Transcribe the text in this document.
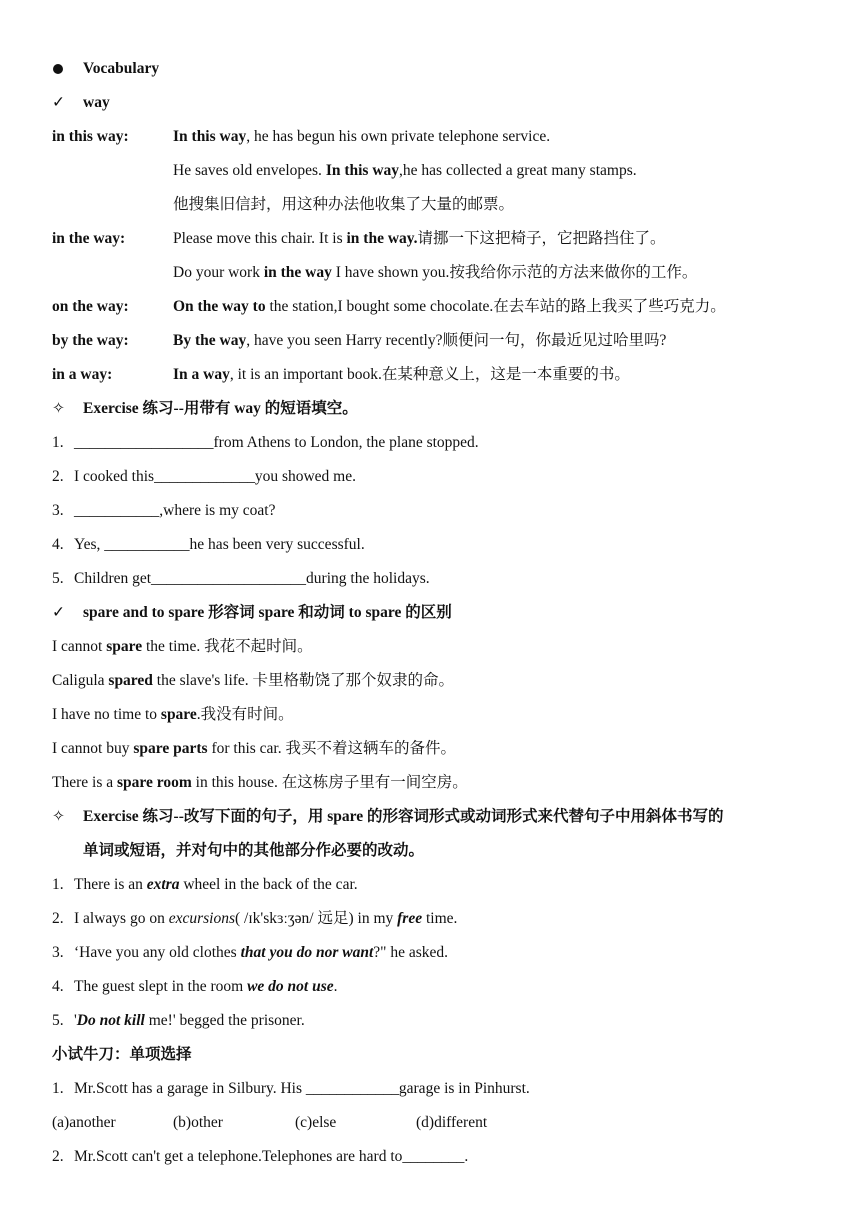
Vocabulary
✓ way
in this way:	In this way, he has begun his own private telephone service.
He saves old envelopes. In this way,he has collected a great many stamps.
他搜集旧信封，用这种办法他收集了大量的邮票。
in the way:	Please move this chair. It is in the way.请挪一下这把椅子，它把路挡住了。
Do your work in the way I have shown you.按我给你示范的方法来做你的工作。
on the way:	On the way to the station,I bought some chocolate.在去车站的路上我买了些巧克力。
by the way:	By the way, have you seen Harry recently?顺便问一句，你最近见过哈里吗?
in a way:	In a way, it is an important book.在某种意义上，这是一本重要的书。
✧ Exercise 练习--用带有 way 的短语填空。
1. __________________from Athens to London, the plane stopped.
2. I cooked this_____________you showed me.
3. ___________,where is my coat?
4. Yes, ___________he has been very successful.
5. Children get____________________during the holidays.
✓ spare and to spare 形容词 spare 和动词 to spare 的区别
I cannot spare the time. 我花不起时间。
Caligula spared the slave's life. 卡里格勒饶了那个奴隶的命。
I have no time to spare.我没有时间。
I cannot buy spare parts for this car. 我买不着这辆车的备件。
There is a spare room in this house. 在这栋房子里有一间空房。
✧ Exercise 练习--改写下面的句子，用 spare 的形容词形式或动词形式来代替句子中用斜体书写的
单词或短语，并对句中的其他部分作必要的改动。
1. There is an extra wheel in the back of the car.
2. I always go on excursions( /ɪk'skɜːʒən/ 远足) in my free time.
3. ‘Have you any old clothes that you do nor want?" he asked.
4. The guest slept in the room we do not use.
5. 'Do not kill me!' begged the prisoner.
小试牛刀：单项选择
1. Mr.Scott has a garage in Silbury. His ____________garage is in Pinhurst.
(a)another	(b)other	(c)else	(d)different
2. Mr.Scott can't get a telephone.Telephones are hard to________.
